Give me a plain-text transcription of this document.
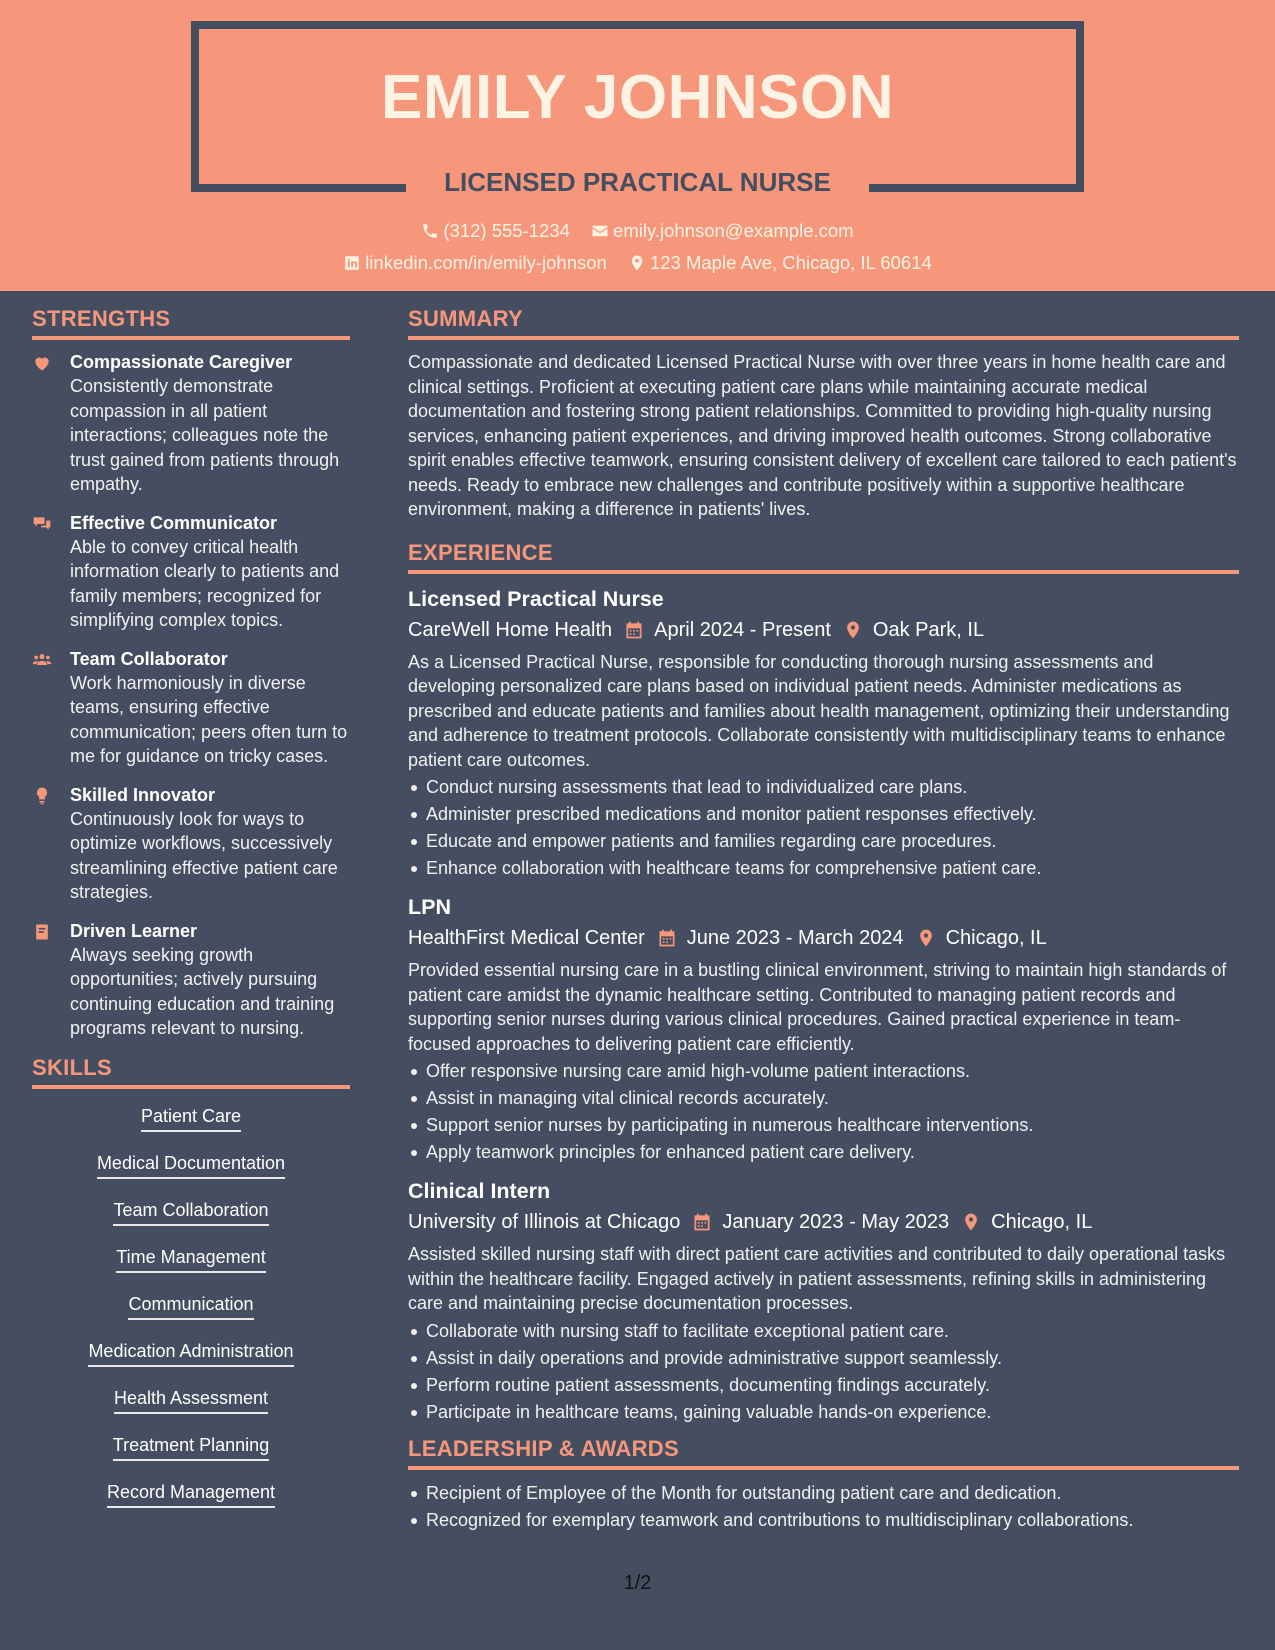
EMILY JOHNSON
LICENSED PRACTICAL NURSE
(312) 555-1234
emily.johnson@example.com
linkedin.com/in/emily-johnson
123 Maple Ave, Chicago, IL 60614
STRENGTHS
Compassionate Caregiver
Consistently demonstrate compassion in all patient interactions; colleagues note the trust gained from patients through empathy.
Effective Communicator
Able to convey critical health information clearly to patients and family members; recognized for simplifying complex topics.
Team Collaborator
Work harmoniously in diverse teams, ensuring effective communication; peers often turn to me for guidance on tricky cases.
Skilled Innovator
Continuously look for ways to optimize workflows, successively streamlining effective patient care strategies.
Driven Learner
Always seeking growth opportunities; actively pursuing continuing education and training programs relevant to nursing.
SKILLS
Patient Care
Medical Documentation
Team Collaboration
Time Management
Communication
Medication Administration
Health Assessment
Treatment Planning
Record Management
SUMMARY
Compassionate and dedicated Licensed Practical Nurse with over three years in home health care and clinical settings. Proficient at executing patient care plans while maintaining accurate medical documentation and fostering strong patient relationships. Committed to providing high-quality nursing services, enhancing patient experiences, and driving improved health outcomes. Strong collaborative spirit enables effective teamwork, ensuring consistent delivery of excellent care tailored to each patient's needs. Ready to embrace new challenges and contribute positively within a supportive healthcare environment, making a difference in patients' lives.
EXPERIENCE
Licensed Practical Nurse
CareWell Home Health April 2024 - Present Oak Park, IL
As a Licensed Practical Nurse, responsible for conducting thorough nursing assessments and developing personalized care plans based on individual patient needs. Administer medications as prescribed and educate patients and families about health management, optimizing their understanding and adherence to treatment protocols. Collaborate consistently with multidisciplinary teams to enhance patient care outcomes.
Conduct nursing assessments that lead to individualized care plans.
Administer prescribed medications and monitor patient responses effectively.
Educate and empower patients and families regarding care procedures.
Enhance collaboration with healthcare teams for comprehensive patient care.
LPN
HealthFirst Medical Center June 2023 - March 2024 Chicago, IL
Provided essential nursing care in a bustling clinical environment, striving to maintain high standards of patient care amidst the dynamic healthcare setting. Contributed to managing patient records and supporting senior nurses during various clinical procedures. Gained practical experience in team-focused approaches to delivering patient care efficiently.
Offer responsive nursing care amid high-volume patient interactions.
Assist in managing vital clinical records accurately.
Support senior nurses by participating in numerous healthcare interventions.
Apply teamwork principles for enhanced patient care delivery.
Clinical Intern
University of Illinois at Chicago January 2023 - May 2023 Chicago, IL
Assisted skilled nursing staff with direct patient care activities and contributed to daily operational tasks within the healthcare facility. Engaged actively in patient assessments, refining skills in administering care and maintaining precise documentation processes.
Collaborate with nursing staff to facilitate exceptional patient care.
Assist in daily operations and provide administrative support seamlessly.
Perform routine patient assessments, documenting findings accurately.
Participate in healthcare teams, gaining valuable hands-on experience.
LEADERSHIP & AWARDS
Recipient of Employee of the Month for outstanding patient care and dedication.
Recognized for exemplary teamwork and contributions to multidisciplinary collaborations.
1/2
